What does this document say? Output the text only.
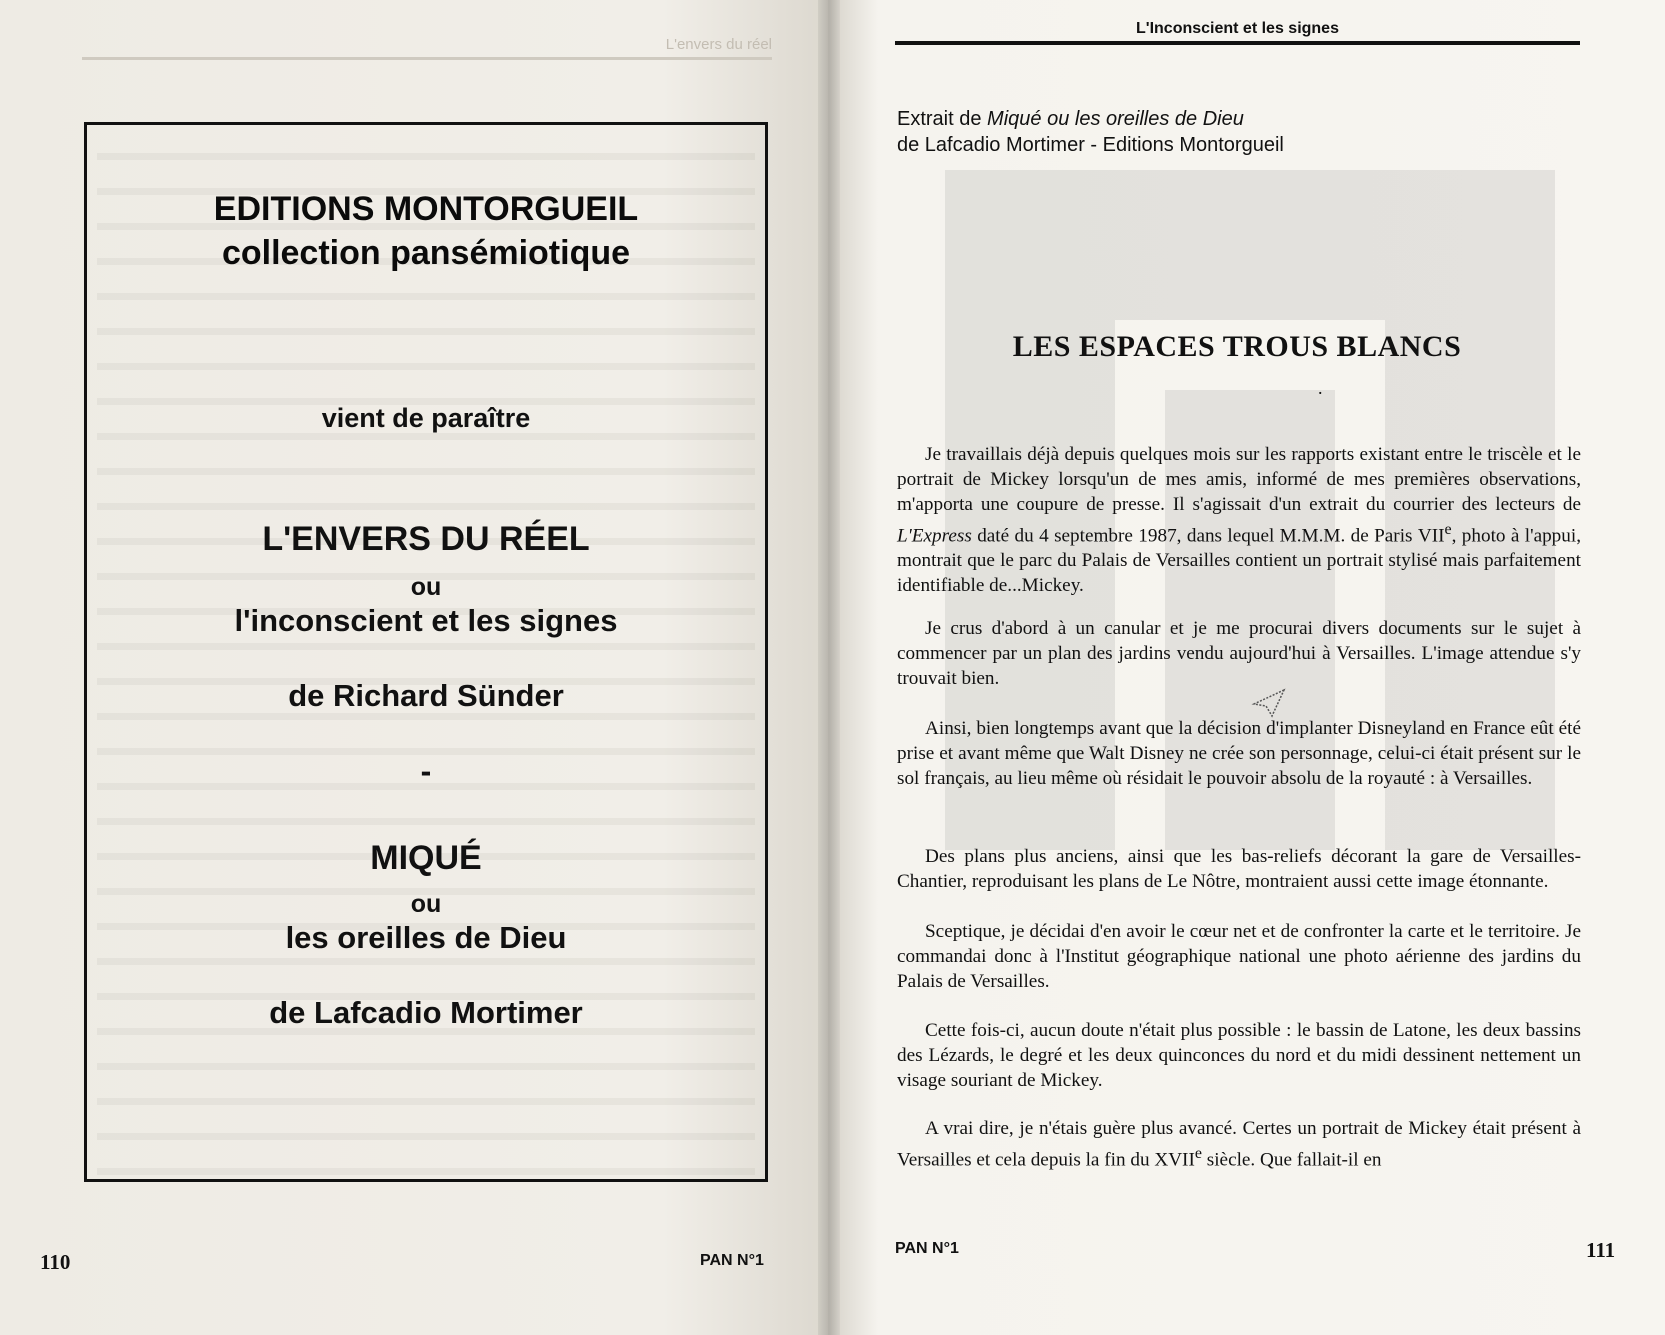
L'envers du réel
EDITIONS MONTORGUEIL
collection pansémiotique
vient de paraître
L'ENVERS DU RÉEL
ou
l'inconscient et les signes
de Richard Sünder
-
MIQUÉ
ou
les oreilles de Dieu
de Lafcadio Mortimer
110	PAN N°1
L'Inconscient et les signes
Extrait de Miqué ou les oreilles de Dieu
de Lafcadio Mortimer - Editions Montorgueil
LES ESPACES TROUS BLANCS
.

Je travaillais déjà depuis quelques mois sur les rapports existant entre le triscèle et le portrait de Mickey lorsqu'un de mes amis, informé de mes premières observations, m'apporta une coupure de presse. Il s'agissait d'un extrait du courrier des lecteurs de L'Express daté du 4 septembre 1987, dans lequel M.M.M. de Paris VIIe, photo à l'appui, montrait que le parc du Palais de Versailles contient un portrait stylisé mais parfaitement identifiable de...Mickey.

Je crus d'abord à un canular et je me procurai divers documents sur le sujet à commencer par un plan des jardins vendu aujourd'hui à Versailles. L'image attendue s'y trouvait bien.

Ainsi, bien longtemps avant que la décision d'implanter Disneyland en France eût été prise et avant même que Walt Disney ne crée son personnage, celui-ci était présent sur le sol français, au lieu même où résidait le pouvoir absolu de la royauté : à Versailles.

Des plans plus anciens, ainsi que les bas-reliefs décorant la gare de Versailles-Chantier, reproduisant les plans de Le Nôtre, montraient aussi cette image étonnante.

Sceptique, je décidai d'en avoir le cœur net et de confronter la carte et le territoire. Je commandai donc à l'Institut géographique national une photo aérienne des jardins du Palais de Versailles.

Cette fois-ci, aucun doute n'était plus possible : le bassin de Latone, les deux bassins des Lézards, le degré et les deux quinconces du nord et du midi dessinent nettement un visage souriant de Mickey.

A vrai dire, je n'étais guère plus avancé. Certes un portrait de Mickey était présent à Versailles et cela depuis la fin du XVIIe siècle. Que fallait-il en

PAN N°1	111
